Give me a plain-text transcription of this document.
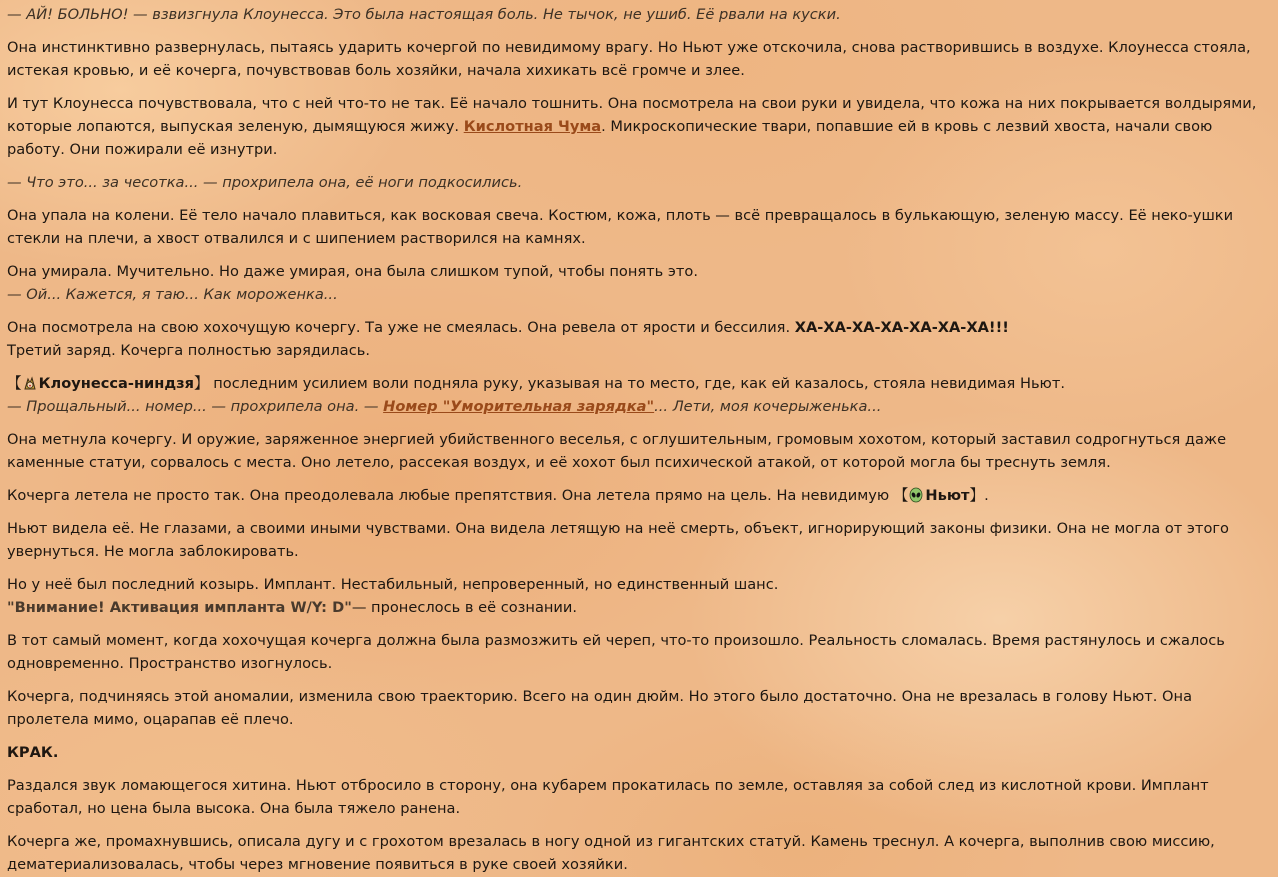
— АЙ! БОЛЬНО! — взвизгнула Клоунесса. Это была настоящая боль. Не тычок, не ушиб. Её рвали на куски.

Она инстинктивно развернулась, пытаясь ударить кочергой по невидимому врагу. Но Ньют уже отскочила, снова растворившись в воздухе. Клоунесса стояла, истекая кровью, и её кочерга, почувствовав боль хозяйки, начала хихикать всё громче и злее.

И тут Клоунесса почувствовала, что с ней что-то не так. Её начало тошнить. Она посмотрела на свои руки и увидела, что кожа на них покрывается волдырями, которые лопаются, выпуская зеленую, дымящуюся жижу. Кислотная Чума. Микроскопические твари, попавшие ей в кровь с лезвий хвоста, начали свою работу. Они пожирали её изнутри.

— Что это... за чесотка... — прохрипела она, её ноги подкосились.

Она упала на колени. Её тело начало плавиться, как восковая свеча. Костюм, кожа, плоть — всё превращалось в булькающую, зеленую массу. Её неко-ушки стекли на плечи, а хвост отвалился и с шипением растворился на камнях.

Она умирала. Мучительно. Но даже умирая, она была слишком тупой, чтобы понять это.
— Ой... Кажется, я таю... Как мороженка...

Она посмотрела на свою хохочущую кочергу. Та уже не смеялась. Она ревела от ярости и бессилия. ХА-ХА-ХА-ХА-ХА-ХА-ХА!!!
Третий заряд. Кочерга полностью зарядилась.

【 Клоунесса-ниндзя】 последним усилием воли подняла руку, указывая на то место, где, как ей казалось, стояла невидимая Ньют.
— Прощальный... номер... — прохрипела она. — Номер "Уморительная зарядка"... Лети, моя кочерыженька...

Она метнула кочергу. И оружие, заряженное энергией убийственного веселья, с оглушительным, громовым хохотом, который заставил содрогнуться даже каменные статуи, сорвалось с места. Оно летело, рассекая воздух, и её хохот был психической атакой, от которой могла бы треснуть земля.

Кочерга летела не просто так. Она преодолевала любые препятствия. Она летела прямо на цель. На невидимую 【 Ньют】.

Ньют видела её. Не глазами, а своими иными чувствами. Она видела летящую на неё смерть, объект, игнорирующий законы физики. Она не могла от этого увернуться. Не могла заблокировать.

Но у неё был последний козырь. Имплант. Нестабильный, непроверенный, но единственный шанс.
"Внимание! Активация импланта W/Y: D"— пронеслось в её сознании.

В тот самый момент, когда хохочущая кочерга должна была размозжить ей череп, что-то произошло. Реальность сломалась. Время растянулось и сжалось одновременно. Пространство изогнулось.

Кочерга, подчиняясь этой аномалии, изменила свою траекторию. Всего на один дюйм. Но этого было достаточно. Она не врезалась в голову Ньют. Она пролетела мимо, оцарапав её плечо.

КРАК.

Раздался звук ломающегося хитина. Ньют отбросило в сторону, она кубарем прокатилась по земле, оставляя за собой след из кислотной крови. Имплант сработал, но цена была высока. Она была тяжело ранена.

Кочерга же, промахнувшись, описала дугу и с грохотом врезалась в ногу одной из гигантских статуй. Камень треснул. А кочерга, выполнив свою миссию, дематериализовалась, чтобы через мгновение появиться в руке своей хозяйки.
